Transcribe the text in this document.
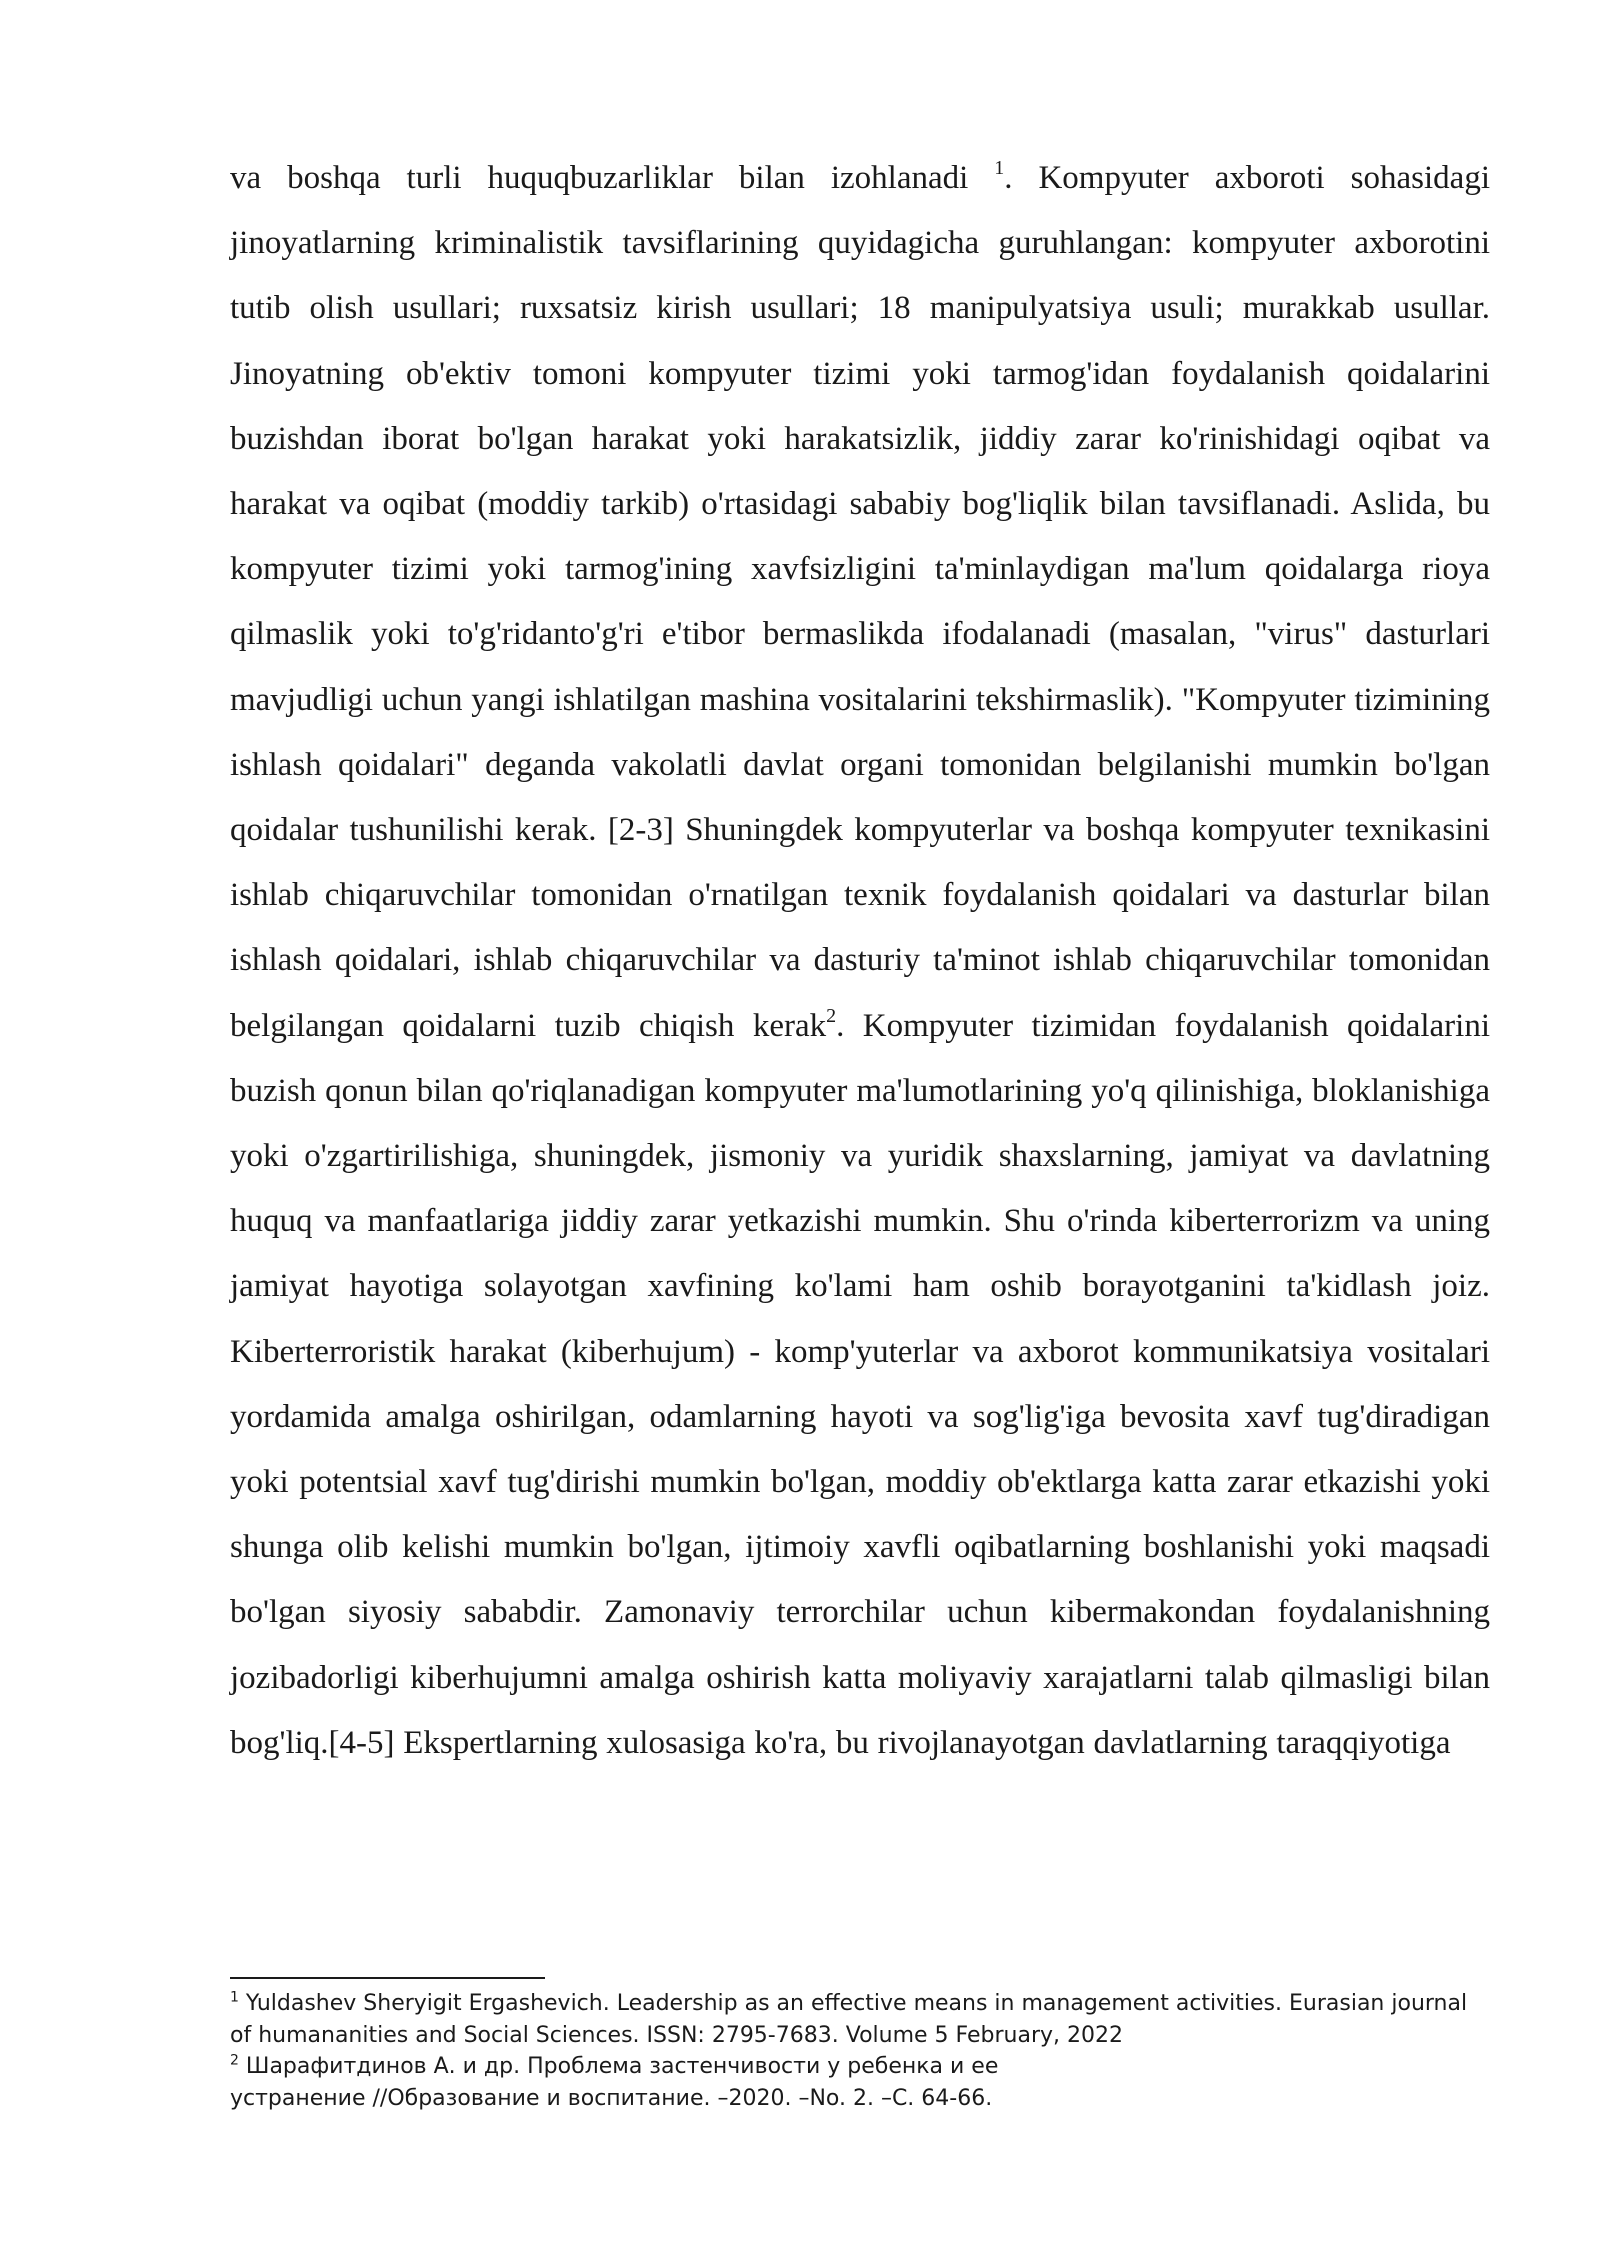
va boshqa turli huquqbuzarliklar bilan izohlanadi $^1$. Kompyuter axboroti sohasidagi jinoyatlarning kriminalistik tavsiflarining quyidagicha guruhlangan: kompyuter axborotini tutib olish usullari; ruxsatsiz kirish usullari; 18 manipulyatsiya usuli; murakkab usullar. Jinoyatning ob'ektiv tomoni kompyuter tizimi yoki tarmog'idan foydalanish qoidalarini buzishdan iborat bo'lgan harakat yoki harakatsizlik, jiddiy zarar ko'rinishidagi oqibat va harakat va oqibat (moddiy tarkib) o'rtasidagi sababiy bog'liqlik bilan tavsiflanadi. Aslida, bu kompyuter tizimi yoki tarmog'ining xavfsizligini ta'minlaydigan ma'lum qoidalarga rioya qilmaslik yoki to'g'ridanto'g'ri e'tibor bermaslikda ifodalanadi (masalan, "virus" dasturlari mavjudligi uchun yangi ishlatilgan mashina vositalarini tekshirmaslik). "Kompyuter tizimining ishlash qoidalari" deganda vakolatli davlat organi tomonidan belgilanishi mumkin bo'lgan qoidalar tushunilishi kerak. [2-3] Shuningdek kompyuterlar va boshqa kompyuter texnikasini ishlab chiqaruvchilar tomonidan o'rnatilgan texnik foydalanish qoidalari va dasturlar bilan ishlash qoidalari, ishlab chiqaruvchilar va dasturiy ta'minot ishlab chiqaruvchilar tomonidan belgilangan qoidalarni tuzib chiqish kerak$^2$. Kompyuter tizimidan foydalanish qoidalarini buzish qonun bilan qo'riqlanadigan kompyuter ma'lumotlarining yo'q qilinishiga, bloklanishiga yoki o'zgartirilishiga, shuningdek, jismoniy va yuridik shaxslarning, jamiyat va davlatning huquq va manfaatlariga jiddiy zarar yetkazishi mumkin. Shu o'rinda kiberterrorizm va uning jamiyat hayotiga solayotgan xavfining ko'lami ham oshib borayotganini ta'kidlash joiz. Kiberterroristik harakat (kiberhujum) - komp'yuterlar va axborot kommunikatsiya vositalari yordamida amalga oshirilgan, odamlarning hayoti va sog'lig'iga bevosita xavf tug'diradigan yoki potentsial xavf tug'dirishi mumkin bo'lgan, moddiy ob'ektlarga katta zarar etkazishi yoki shunga olib kelishi mumkin bo'lgan, ijtimoiy xavfli oqibatlarning boshlanishi yoki maqsadi bo'lgan siyosiy sababdir. Zamonaviy terrorchilar uchun kibermakondan foydalanishning jozibadorligi kiberhujumni amalga oshirish katta moliyaviy xarajatlarni talab qilmasligi bilan bog'liq.[4-5] Ekspertlarning xulosasiga ko'ra, bu rivojlanayotgan davlatlarning taraqqiyotiga

$^1$ Yuldashev Sheryigit Ergashevich. Leadership as an effective means in management activities. Eurasian journal of humananities and Social Sciences. ISSN: 2795-7683. Volume 5 February, 2022

$^2$ Шарафитдинов А. и др. Проблема застенчивости у ребенка и ее

устранение //Образование и воспитание. –2020. –No. 2. –С. 64-66.
